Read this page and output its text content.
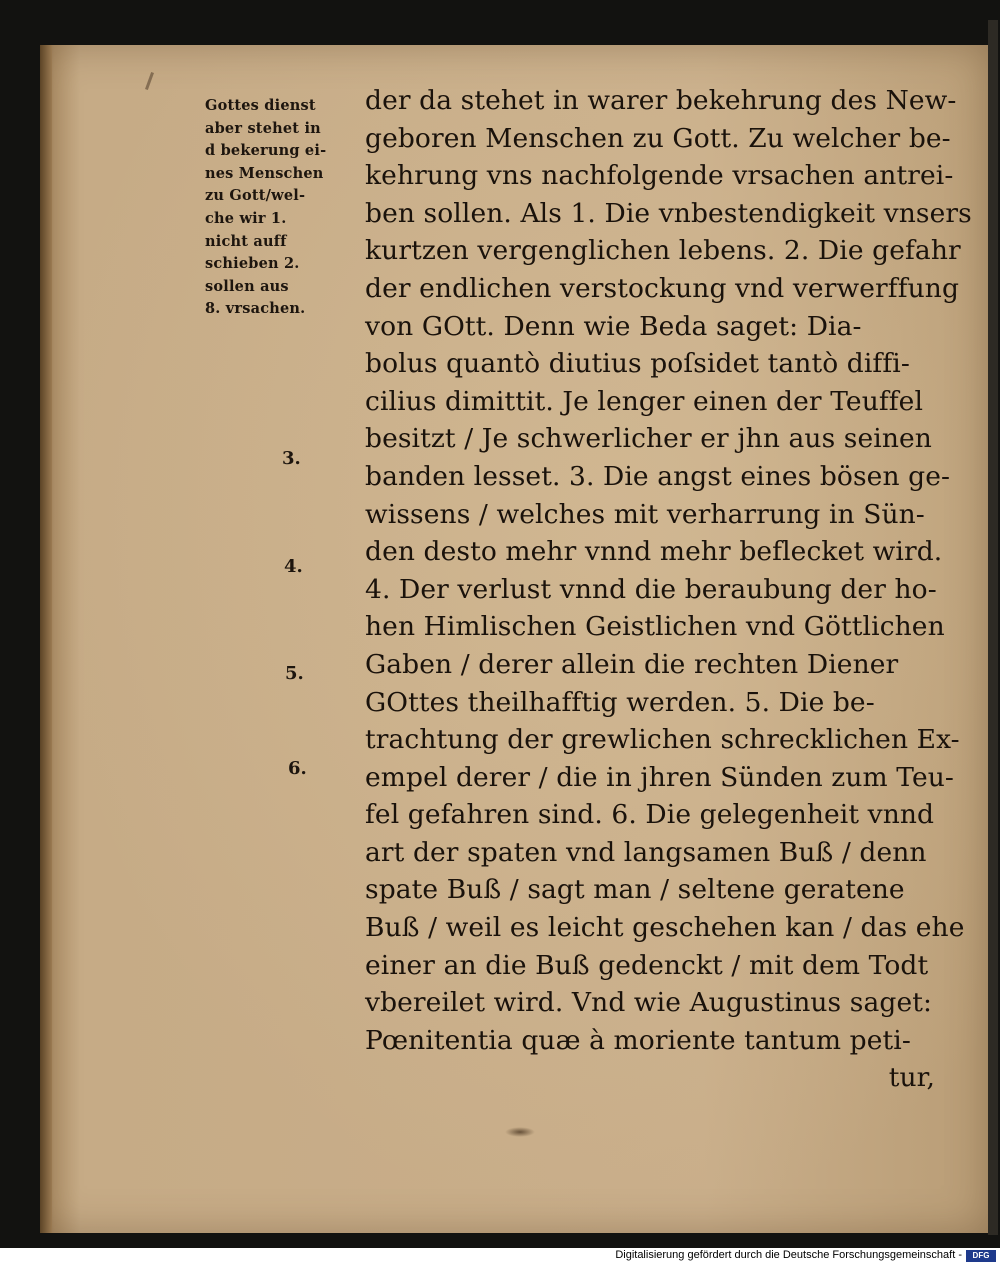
Gottes dienst
aber stehet in
d bekerung ei-
nes Menschen
zu Gott/wel-
che wir 1.
nicht auff
schieben 2.
sollen aus
8. vrsachen.
3.
4.
5.
6.
der da stehet in warer bekehrung des New-
geboren Menschen zu Gott. Zu welcher be-
kehrung vns nachfolgende vrsachen antrei-
ben sollen. Als 1. Die vnbestendigkeit vnsers
kurtzen vergenglichen lebens. 2. Die gefahr
der endlichen verstockung vnd verwerffung
von GOtt. Denn wie Beda saget: Dia-
bolus quantò diutius poſsidet tantò diffi-
cilius dimittit. Je lenger einen der Teuffel
besitzt / Je schwerlicher er jhn aus seinen
banden lesset. 3. Die angst eines bösen ge-
wissens / welches mit verharrung in Sün-
den desto mehr vnnd mehr beflecket wird.
4. Der verlust vnnd die beraubung der ho-
hen Himlischen Geistlichen vnd Göttlichen
Gaben / derer allein die rechten Diener
GOttes theilhafftig werden. 5. Die be-
trachtung der grewlichen schrecklichen Ex-
empel derer / die in jhren Sünden zum Teu-
fel gefahren sind. 6. Die gelegenheit vnnd
art der spaten vnd langsamen Buß / denn
spate Buß / sagt man / seltene geratene
Buß / weil es leicht geschehen kan / das ehe
einer an die Buß gedenckt / mit dem Todt
vbereilet wird. Vnd wie Augustinus saget:
Pœnitentia quæ à moriente tantum peti-
tur,
Digitalisierung gefördert durch die Deutsche Forschungsgemeinschaft -	DFG
